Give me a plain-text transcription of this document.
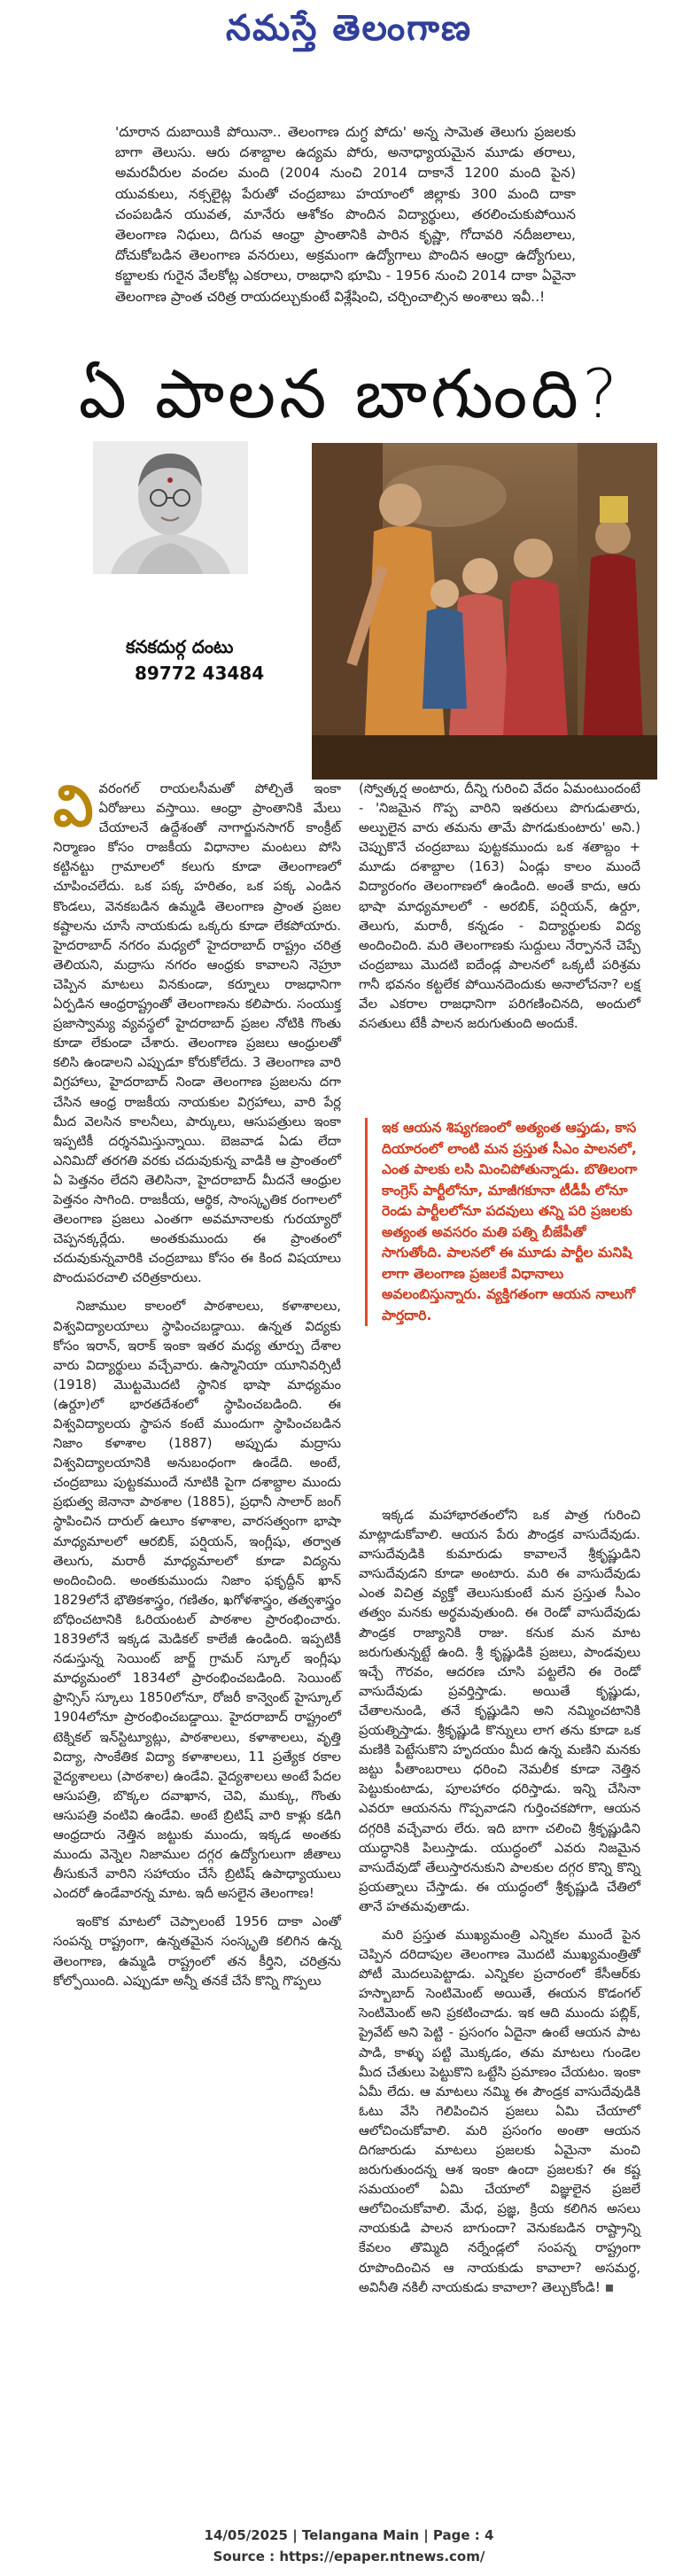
నమస్తే తెలంగాణ
'దూరాన దుబాయికి పోయినా.. తెలంగాణ దుగ్ధ పోదు' అన్న సామెత తెలుగు ప్రజలకు బాగా తెలుసు. ఆరు దశాబ్దాల ఉద్యమ పోరు, అనాధ్యాయమైన మూడు తరాలు, అమరవీరుల వందల మంది (2004 నుంచి 2014 దాకానే 1200 మంది పైన) యువకులు, నక్సలైట్ల పేరుతో చంద్రబాబు హయాంలో జిల్లాకు 300 మంది దాకా చంపబడిన యువత, మానేరు ఆశోకం పొందిన విద్యార్థులు, తరలించుకుపోయిన తెలంగాణ నిధులు, దిగువ ఆంధ్రా ప్రాంతానికి పారిన కృష్ణా, గోదావరి నదీజలాలు, దోచుకోబడిన తెలంగాణ వనరులు, అక్రమంగా ఉద్యోగాలు పొందిన ఆంధ్రా ఉద్యోగులు, కబ్జాలకు గురైన వేలకోట్ల ఎకరాలు, రాజధాని భూమి - 1956 నుంచి 2014 దాకా ఏవైనా తెలంగాణ ప్రాంత చరిత్ర రాయదల్చుకుంటే విశ్లేషించి, చర్చించాల్సిన అంశాలు ఇవీ..!
ఏ పాలన బాగుంది?
కనకదుర్గ దంటు
89772 43484

వివరంగల్ రాయలసీమతో పోల్చితే ఇంకా ఏరోజులు వస్తాయి. ఆంధ్రా ప్రాంతానికి మేలు చేయాలనే ఉద్దేశంతో నాగార్జునసాగర్ కాంక్రీట్ నిర్మాణం కోసం రాజకీయ విధానాల మంటలు పోసి కట్టినట్టు గ్రామాలలో కలుగు కూడా తెలంగాణలో చూపించలేదు. ఒక పక్క హరితం, ఒక పక్క ఎండిన కొండలు, వెనకబడిన ఉమ్మడి తెలంగాణ ప్రాంత ప్రజల కష్టాలను చూసే నాయకుడు ఒక్కరు కూడా లేకపోయారు. హైదరాబాద్ నగరం మధ్యలో హైదరాబాద్ రాష్ట్రం చరిత్ర తెలియని, మద్రాసు నగరం ఆంధ్రకు కావాలని నెహ్రూ చెప్పిన మాటలు వినకుండా, కర్నూలు రాజధానిగా ఏర్పడిన ఆంధ్రరాష్ట్రంతో తెలంగాణను కలిపారు. సంయుక్త ప్రజాస్వామ్య వ్యవస్థలో హైదరాబాద్ ప్రజల నోటికి గొంతు కూడా లేకుండా చేశారు. తెలంగాణ ప్రజలు ఆంధ్రులతో కలిసి ఉండాలని ఎప్పుడూ కోరుకోలేదు. 3 తెలంగాణ వారి విగ్రహాలు, హైదరాబాద్ నిండా తెలంగాణ ప్రజలను దగా చేసిన ఆంధ్ర రాజకీయ నాయకుల విగ్రహాలు, వారి పేర్ల మీద వెలసిన కాలనీలు, పార్కులు, ఆసుపత్రులు ఇంకా ఇప్పటికీ దర్శనమిస్తున్నాయి. బెజవాడ ఏడు లేదా ఎనిమిదో తరగతి వరకు చదువుకున్న వాడికి ఆ ప్రాంతంలో ఏ పెత్తనం లేదని తెలిసినా, హైదరాబాద్ మీదనే ఆంధ్రుల పెత్తనం సాగింది. రాజకీయ, ఆర్థిక, సాంస్కృతిక రంగాలలో తెలంగాణ ప్రజలు ఎంతగా అవమానాలకు గురయ్యారో చెప్పనక్కర్లేదు. అంతకుముందు ఈ ప్రాంతంలో చదువుకున్నవారికి చంద్రబాబు కోసం ఈ కింద విషయాలు పొందుపరచాలి చరిత్రకారులు.

నిజాముల కాలంలో పాఠశాలలు, కళాశాలలు, విశ్వవిద్యాలయాలు స్థాపించబడ్డాయి. ఉన్నత విద్యకు కోసం ఇరాన్, ఇరాక్ ఇంకా ఇతర మధ్య తూర్పు దేశాల వారు విద్యార్థులు వచ్చేవారు. ఉస్మానియా యూనివర్సిటీ (1918) మొట్టమొదటి స్థానిక భాషా మాధ్యమం (ఉర్దూ)లో భారతదేశంలో స్థాపించబడింది. ఈ విశ్వవిద్యాలయ స్థాపన కంటే ముందుగా స్థాపించబడిన నిజాం కళాశాల (1887) అప్పుడు మద్రాసు విశ్వవిద్యాలయానికి అనుబంధంగా ఉండేది. అంటే, చంద్రబాబు పుట్టకముందే నూటికి పైగా దశాబ్దాల ముందు ప్రభుత్వ జెనానా పాఠశాల (1885), ప్రధానీ సాలార్ జంగ్ స్థాపించిన దారుల్ ఉలూం కళాశాల, వారసత్వంగా భాషా మాధ్యమాలలో ఆరబిక్, పర్షియన్, ఇంగ్లీషు, తర్వాత తెలుగు, మరాఠీ మాధ్యమాలలో కూడా విద్యను అందించింది. అంతకుముందు నిజాం ఫకృద్దీన్ ఖాన్ 1829లోనే భౌతికశాస్త్రం, గణితం, ఖగోళశాస్త్రం, తత్వశాస్త్రం బోధించటానికి ఓరియంటల్ పాఠశాల ప్రారంభించారు. 1839లోనే ఇక్కడ మెడికల్ కాలేజీ ఉండింది. ఇప్పటికీ నడుస్తున్న సెయింట్ జార్జ్ గ్రామర్ స్కూల్ ఇంగ్లీషు మాధ్యమంలో 1834లో ప్రారంభించబడింది. సెయింట్ ఫ్రాన్సిస్ స్కూలు 1850లోనూ, రోజరీ కాన్వెంట్ హైస్కూల్ 1904లోనూ ప్రారంభించబడ్డాయి. హైదరాబాద్ రాష్ట్రంలో టెక్నికల్ ఇన్‌స్టిట్యూట్లు, పాఠశాలలు, కళాశాలలు, వృత్తి విద్యా, సాంకేతిక విద్యా కళాశాలలు, 11 ప్రత్యేక రకాల వైద్యశాలలు (పాఠశాల) ఉండేవి. వైద్యశాలలు అంటే పేదల ఆసుపత్రి, బొక్కల దవాఖాన, చెవి, ముక్కు, గొంతు ఆసుపత్రి వంటివి ఉండేవి. అంటే బ్రిటిష్ వారి కాళ్లు కడిగి ఆంధ్రదారు నెత్తిన జట్టుకు ముందు, ఇక్కడ అంతకు ముందు వెన్నెల నిజాముల దగ్గర ఉద్యోగులుగా జీతాలు తీసుకునే వారిని సహాయం చేసే బ్రిటిష్ ఉపాధ్యాయులు ఎందరో ఉండేవారన్న మాట. ఇదీ అసలైన తెలంగాణ!

ఇంకొక మాటలో చెప్పాలంటే 1956 దాకా ఎంతో సంపన్న రాష్ట్రంగా, ఉన్నతమైన సంస్కృతి కలిగిన ఉన్న తెలంగాణ, ఉమ్మడి రాష్ట్రంలో తన కీర్తిని, చరిత్రను కోల్పోయింది. ఎప్పుడూ అన్నీ తనకే చేసే కొన్ని గొప్పలు

(స్వోత్కర్ష అంటారు, దీన్ని గురించి వేదం ఏమంటుందంటే - 'నిజమైన గొప్ప వారిని ఇతరులు పొగుడుతారు, అల్పులైన వారు తమను తామే పొగడుకుంటారు' అని.) చెప్పుకొనే చంద్రబాబు పుట్టకముందు ఒక శతాబ్దం + మూడు దశాబ్దాల (163) ఏండ్లు కాలం ముందే విద్యారంగం తెలంగాణలో ఉండింది. అంతే కాదు, ఆరు భాషా మాధ్యమాలలో - అరబిక్, పర్షియన్, ఉర్దూ, తెలుగు, మరాఠీ, కన్నడం - విద్యార్థులకు విద్య అందించింది. మరి తెలంగాణకు సుద్దులు నేర్పాననే చెప్పే చంద్రబాబు మొదటి ఐదేండ్ల పాలనలో ఒక్కటీ పరిశ్రమ గానీ భవనం కట్టలేక పోయినదెందుకు అనాలోచనా? లక్ష వేల ఎకరాల రాజధానిగా పరిగణించినది, అందులో వసతులు టేకీ పాలన జరుగుతుంది అందుకే.

ఇక ఆయన శిష్యగణంలో అత్యంత ఆప్తుడు, కాస దియారంలో లాంటి మన ప్రస్తుత సీఎం పాలనలో, ఎంత పాలకు లసి మించిపోతున్నాడు. బొతిలంగా కాంగ్రెస్ పార్టీలోనూ, మాజీగకూనా టీడీపీ లోనూ రెండు పార్టీలలోనూ పదవులు తన్ని పరి ప్రజలకు అత్యంత అవసరం మతి పత్ని బీజేపీతో సాగుతోంది. పాలనలో ఈ మూడు పార్టీల మనిషి లాగా తెలంగాణ ప్రజలకే విధానాలు అవలంబిస్తున్నారు. వ్యక్తిగతంగా ఆయన నాలుగో పార్తదారి.

ఇక్కడ మహాభారతంలోని ఒక పాత్ర గురించి మాట్లాడుకోవాలి. ఆయన పేరు పౌండ్రక వాసుదేవుడు. వాసుదేవుడికి కుమారుడు కావాలనే శ్రీకృష్ణుడిని వాసుదేవుడని కూడా అంటారు. మరి ఈ వాసుదేవుడు ఎంత విచిత్ర వ్యక్తో తెలుసుకుంటే మన ప్రస్తుత సీఎం తత్వం మనకు అర్థమవుతుంది. ఈ రెండో వాసుదేవుడు పౌండ్రక రాజ్యానికి రాజు. కనుక మన మాట జరుగుతున్నట్టే ఉంది. శ్రీ కృష్ణుడికి ప్రజలు, పాండవులు ఇచ్చే గౌరవం, ఆదరణ చూసి పట్టలేని ఈ రెండో వాసుదేవుడు ప్రవర్తిస్తాడు. అయితే కృష్ణుడు, చేతాలనుండి, తనే కృష్ణుడిని అని నమ్మించటానికి ప్రయత్నిస్తాడు. శ్రీకృష్ణుడి కొన్నులు లాగ తను కూడా ఒక మణికి పెట్టేసుకొని హృదయం మీద ఉన్న మణిని మనకు జట్టు పీతాంబరాలు ధరించి నెమలీక కూడా నెత్తిన పెట్టుకుంటాడు, పూలహారం ధరిస్తాడు. ఇన్ని చేసినా ఎవరూ ఆయనను గొప్పవాడని గుర్తించకపోగా, ఆయన దగ్గరికి వచ్చేవారు లేరు. ఇది బాగా చలించి శ్రీకృష్ణుడిని యుద్ధానికి పిలుస్తాడు. యుద్ధంలో ఎవరు నిజమైన వాసుదేవుడో తేలుస్తారనుకుని పాలకుల దగ్గర కొన్ని కొన్ని ప్రయత్నాలు చేస్తాడు. ఈ యుద్ధంలో శ్రీకృష్ణుడి చేతిలో తానే హతమవుతాడు.

మరి ప్రస్తుత ముఖ్యమంత్రి ఎన్నికల ముందే పైన చెప్పిన దరిదాపుల తెలంగాణ మొదటి ముఖ్యమంత్రితో పోటీ మొదలుపెట్టాడు. ఎన్నికల ప్రచారంలో కేసీఆర్‌కు హస్బాబాద్ సెంటిమెంట్ అయితే, ఈయన కొడంగల్ సెంటిమెంట్ అని ప్రకటించాడు. ఇక ఆది ముందు పబ్లిక్, ప్రైవేట్ అని పెట్టి - ప్రసంగం ఏదైనా ఉంటే ఆయన పాట పాడి, కాళ్ళు పట్టి మొక్కడం, తమ మాటలు గుండెల మీద చేతులు పెట్టుకొని ఒట్టేసి ప్రమాణం చేయటం. ఇంకా ఏమీ లేదు. ఆ మాటలు నమ్మి ఈ పౌండ్రక వాసుదేవుడికి ఓటు వేసి గెలిపించిన ప్రజలు ఏమి చేయాలో ఆలోచించుకోవాలి. మరి ప్రసంగం అంతా ఆయన దిగజారుడు మాటలు ప్రజలకు ఏమైనా మంచి జరుగుతుందన్న ఆశ ఇంకా ఉందా ప్రజలకు? ఈ కష్ట సమయంలో ఏమి చేయాలో విజ్ఞులైన ప్రజలే ఆలోచించుకోవాలి. మేధ, ప్రజ్ఞ, క్రియ కలిగిన అసలు నాయకుడి పాలన బాగుందా? వెనుకబడిన రాష్ట్రాన్ని కేవలం తొమ్మిది నర్నేండ్లలో సంపన్న రాష్ట్రంగా రూపొందించిన ఆ నాయకుడు కావాలా? అసమర్థ, అవినీతి నకిలీ నాయకుడు కావాలా? తెల్చుకోండి!

14/05/2025 | Telangana Main | Page : 4
Source : https://epaper.ntnews.com/
